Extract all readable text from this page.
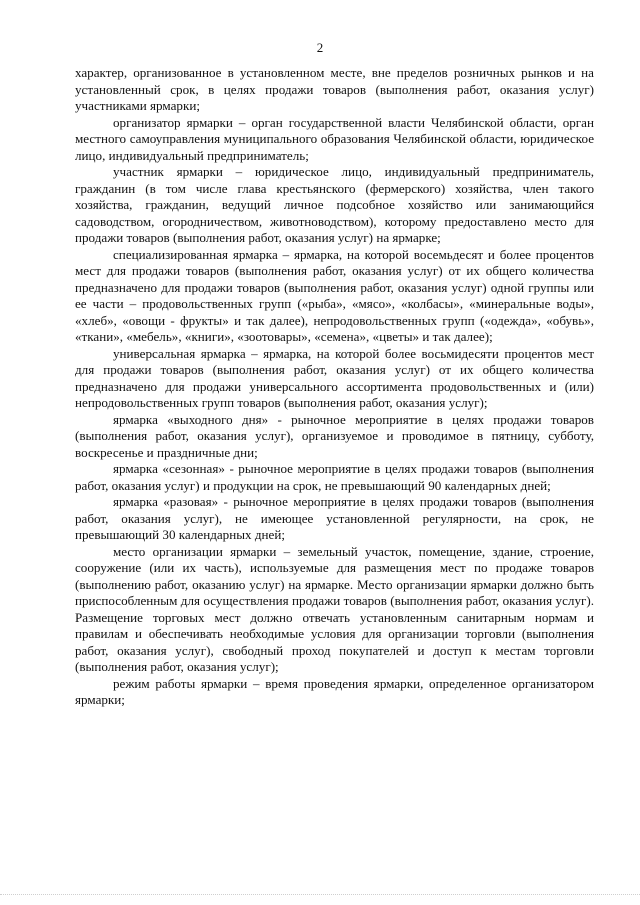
2

характер, организованное в установленном месте, вне пределов розничных рынков и на установленный срок, в целях продажи товаров (выполнения работ, оказания услуг) участниками ярмарки;

организатор ярмарки – орган государственной власти Челябинской области, орган местного самоуправления муниципального образования Челябинской области, юридическое лицо, индивидуальный предприниматель;

участник ярмарки – юридическое лицо, индивидуальный предприниматель, гражданин (в том числе глава крестьянского (фермерского) хозяйства, член такого хозяйства, гражданин, ведущий личное подсобное хозяйство или занимающийся садоводством, огородничеством, животноводством), которому предоставлено место для продажи товаров (выполнения работ, оказания услуг) на ярмарке;

специализированная ярмарка – ярмарка, на которой восемьдесят и более процентов мест для продажи товаров (выполнения работ, оказания услуг) от их общего количества предназначено для продажи товаров (выполнения работ, оказания услуг) одной группы или ее части – продовольственных групп («рыба», «мясо», «колбасы», «минеральные воды», «хлеб», «овощи - фрукты» и так далее), непродовольственных групп («одежда», «обувь», «ткани», «мебель», «книги», «зоотовары», «семена», «цветы» и так далее);

универсальная ярмарка – ярмарка, на которой более восьмидесяти процентов мест для продажи товаров (выполнения работ, оказания услуг) от их общего количества предназначено для продажи универсального ассортимента продовольственных и (или) непродовольственных групп товаров (выполнения работ, оказания услуг);

ярмарка «выходного дня» - рыночное мероприятие в целях продажи товаров (выполнения работ, оказания услуг), организуемое и проводимое в пятницу, субботу, воскресенье и праздничные дни;

ярмарка «сезонная» - рыночное мероприятие в целях продажи товаров (выполнения работ, оказания услуг) и продукции на срок, не превышающий 90 календарных дней;

ярмарка «разовая» - рыночное мероприятие в целях продажи товаров (выполнения работ, оказания услуг), не имеющее установленной регулярности, на срок, не превышающий 30 календарных дней;

место организации ярмарки – земельный участок, помещение, здание, строение, сооружение (или их часть), используемые для размещения мест по продаже товаров (выполнению работ, оказанию услуг) на ярмарке. Место организации ярмарки должно быть приспособленным для осуществления продажи товаров (выполнения работ, оказания услуг). Размещение торговых мест должно отвечать установленным санитарным нормам и правилам и обеспечивать необходимые условия для организации торговли (выполнения работ, оказания услуг), свободный проход покупателей и доступ к местам торговли (выполнения работ, оказания услуг);

режим работы ярмарки – время проведения ярмарки, определенное организатором ярмарки;
